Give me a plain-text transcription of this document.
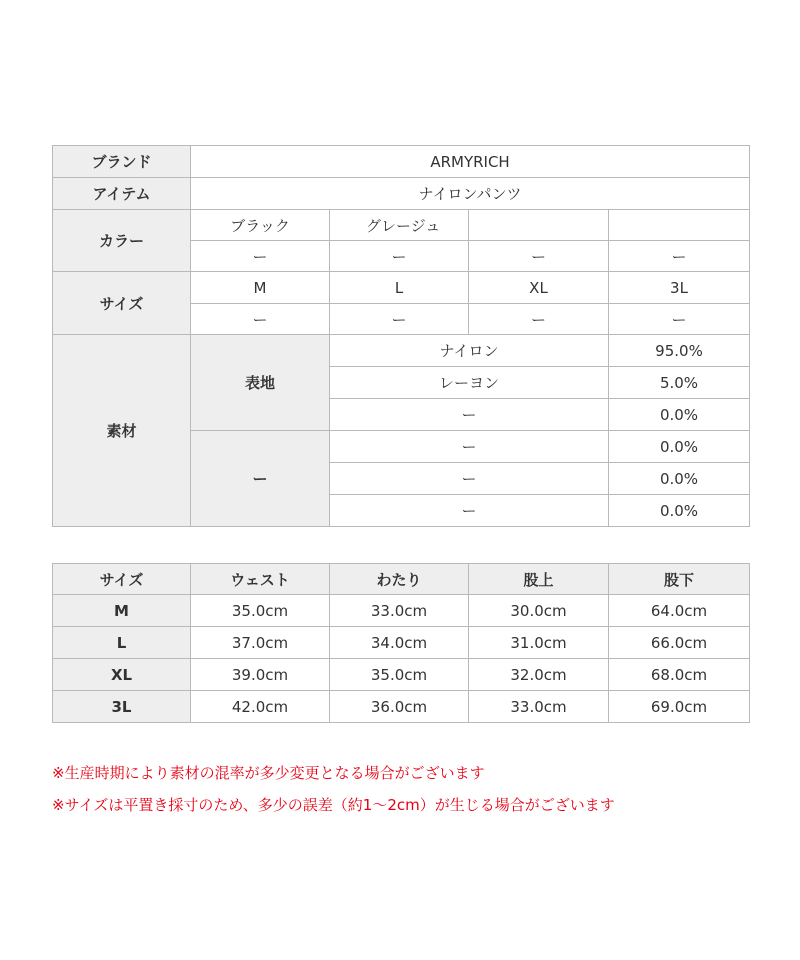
ブランド	ARMYRICH			
アイテム	ナイロンパンツ			
カラー	ブラック	グレージュ		
	ー	ー	ー	ー
サイズ	M	L	XL	3L
	ー	ー	ー	ー
素材	表地	ナイロン		95.0%
		レーヨン		5.0%
		ー		0.0%
	ー	ー		0.0%
		ー		0.0%
		ー		0.0%
サイズ	ウェスト	わたり	股上	股下
M	35.0cm	33.0cm	30.0cm	64.0cm
L	37.0cm	34.0cm	31.0cm	66.0cm
XL	39.0cm	35.0cm	32.0cm	68.0cm
3L	42.0cm	36.0cm	33.0cm	69.0cm
※生産時期により素材の混率が多少変更となる場合がございます
※サイズは平置き採寸のため、多少の誤差（約1～2cm）が生じる場合がございます
